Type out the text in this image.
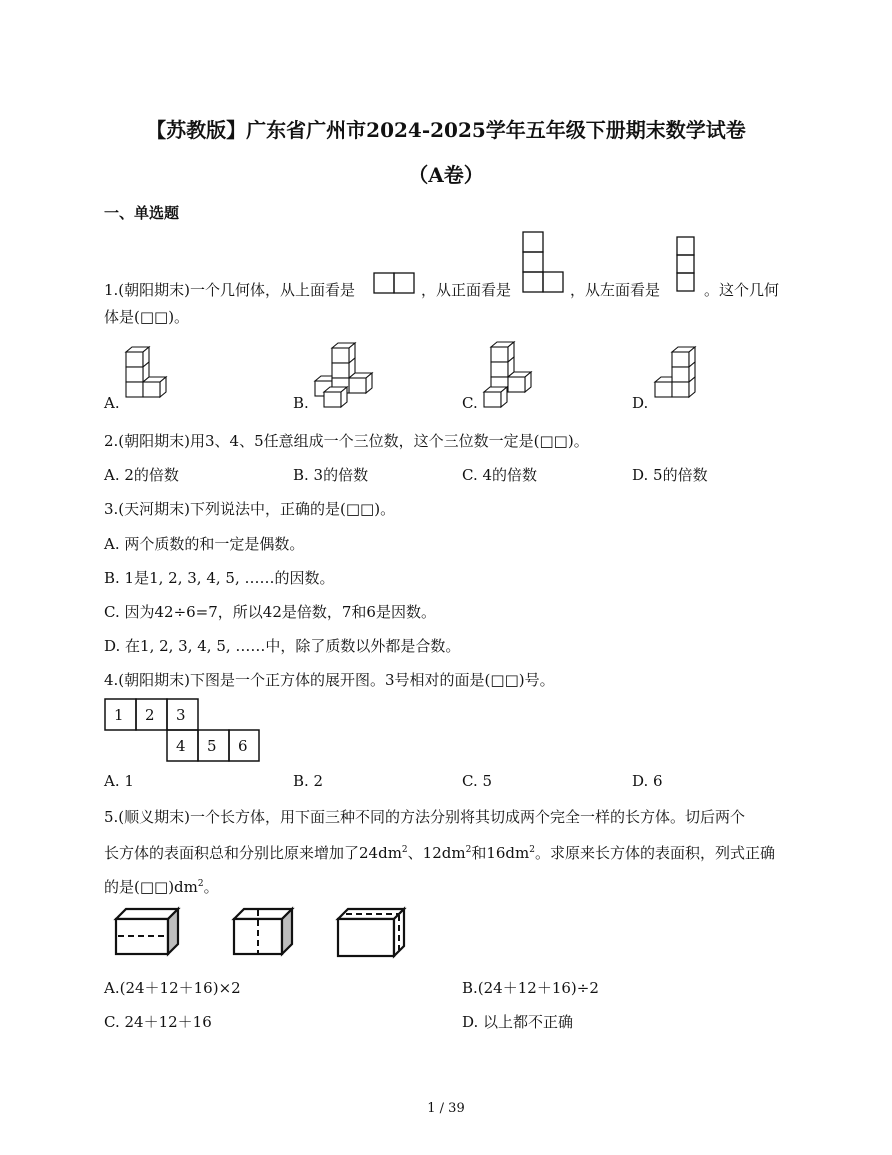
【苏教版】广东省广州市2024-2025学年五年级下册期末数学试卷
（A卷）
一、单选题
1.(朝阳期末)一个几何体，从上面看是	，从正面看是	，从左面看是	。这个几何
体是(□□)。
A.	B.	C.	D.
2.(朝阳期末)用3、4、5任意组成一个三位数，这个三位数一定是(□□)。
A. 2的倍数	B. 3的倍数	C. 4的倍数	D. 5的倍数
3.(天河期末)下列说法中，正确的是(□□)。
A. 两个质数的和一定是偶数。
B. 1是1, 2, 3, 4, 5, ……的因数。
C. 因为42÷6=7，所以42是倍数，7和6是因数。
D. 在1, 2, 3, 4, 5, ……中，除了质数以外都是合数。
4.(朝阳期末)下图是一个正方体的展开图。3号相对的面是(□□)号。
1 2 3
4 5 6
A. 1	B. 2	C. 5	D. 6
5.(顺义期末)一个长方体，用下面三种不同的方法分别将其切成两个完全一样的长方体。切后两个
长方体的表面积总和分别比原来增加了$24dm^2$、$12dm^2$和$16dm^2$。求原来长方体的表面积，列式正确
的是$(□□)dm^2$。
A.(24＋12＋16)×2	B.(24＋12＋16)÷2
C. 24＋12＋16	D. 以上都不正确
1 / 39
